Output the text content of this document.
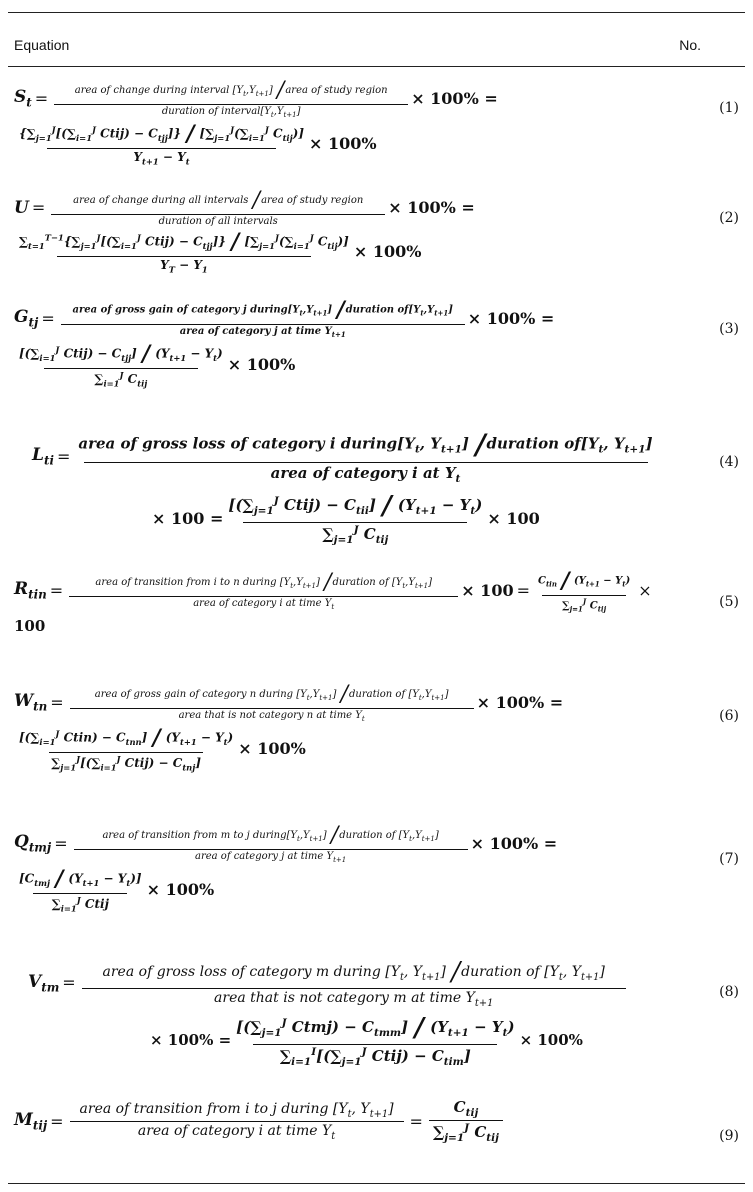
Equation	No.
$S_t$ =	area of change during interval $[Y_t,Y_{t+1}]$ /area of study region
duration of $interval[Y_t,Y_{t+1}]$
× 100% =
$\frac{\{\sum_{j=1}^J[(\sum_{i=1}^J Ctij) - C_{tjj}]\} / [\sum_{j=1}^J(\sum_{i=1}^J C_{tij})]}{Y_{t+1} - Y_t} \times 100\%$
(1)
$U = \frac{\text{area of change during all intervals /area of study region}}{\text{duration of all intervals}} \times 100\%$ =
$\frac{\sum_{t=1}^{T-1}\{\sum_{j=1}^J[(\sum_{i=1}^J Ctij) - C_{tjj}]\} / [\sum_{j=1}^J(\sum_{i=1}^J C_{tij})]}{Y_T - Y_1} \times 100\%$
(2)
$G_{tj}$ = area of gross gain of category j $during[Y_t,Y_{t+1}]$ /duration $of[Y_t,Y_{t+1}]$
area of category j at time $Y_{t+1}$
× 100% =
$\frac{[(\sum_{i=1}^J Ctij) - C_{tjj}] / (Y_{t+1} - Y_t)}{\sum_{i=1}^J C_{tij}} \times 100\%$
(3)
$L_{ti}$ =
area of gross loss of category i $during[Y_t$, $Y_{t+1}$] /duration $of[Y_t$, $Y_{t+1}$]
area of category i at $Y_t$
× $100 = \frac{[(\sum_{j=1}^J Ctij) - C_{tii}] / (Y_{t+1} - Y_t)}{\sum_{j=1}^J C_{tij}} \times 100$
(4)
$R_{tin}$ =	area of transition from i to n during $[Y_t,Y_{t+1}]$ /duration of $[Y_t,Y_{t+1}]$
area of category i at time $Y_t$
× $100 = \frac{C_{tin} / (Y_{t+1} - Y_t)}{\sum_{j=1}^J C_{tij}}$ ×
100
(5)
$W_{tn}$ =	area of gross gain of category n during $[Y_t,Y_{t+1}]$ /duration of $[Y_t,Y_{t+1}]$
area that is not category n at time $Y_t$
× 100% =
$\frac{[(\sum_{i=1}^J Ctin) - C_{tnn}] / (Y_{t+1} - Y_t)}{\sum_{j=1}^J[(\sum_{i=1}^J Ctij) - C_{tnj}]} \times 100\%$
(6)
$Q_{tmj}$ =	area of transition from m to j $during[Y_t,Y_{t+1}]$ /duration of $[Y_t,Y_{t+1}]$
area of category j at time $Y_{t+1}$
× 100% =
$\frac{[C_{tmj} / (Y_{t+1} - Y_t)]}{\sum_{i=1}^J Ctij} \times 100\%$
(7)
$V_{tm}$ =
area of gross loss of category m during [$Y_t$, $Y_{t+1}$] /duration of [$Y_t$, $Y_{t+1}$]
area that is not category m at time $Y_{t+1}$
× $100\% = \frac{[(\sum_{j=1}^J Ctmj) - C_{tmm}] / (Y_{t+1} - Y_t)}{\sum_{i=1}^I[(\sum_{j=1}^J Ctij) - C_{tim}]} \times 100\%$
(8)
$M_{tij} = \frac{area of transition from i to j during [Y_t, Y_{t+1}]}{area of category i at time Y_t} = \frac{C_{tij}}{\sum_{j=1}^J C_{tij}}$	(9)
